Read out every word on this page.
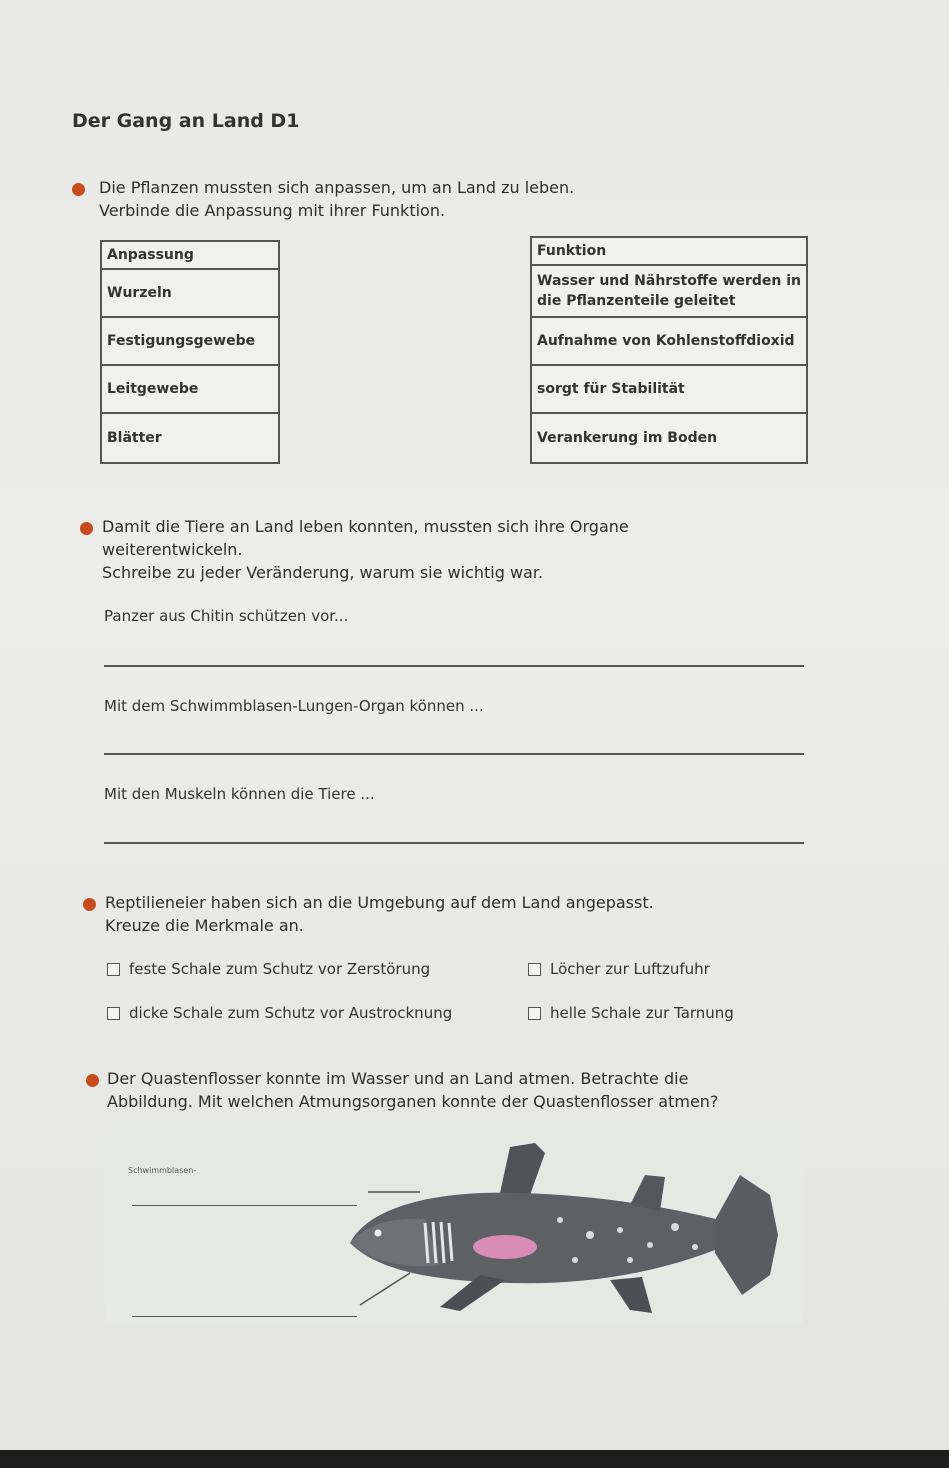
Der Gang an Land D1
Die Pflanzen mussten sich anpassen, um an Land zu leben.
Verbinde die Anpassung mit ihrer Funktion.
Anpassung
Wurzeln
Festigungsgewebe
Leitgewebe
Blätter
Funktion
Wasser und Nährstoffe werden in die Pflanzenteile geleitet
Aufnahme von Kohlenstoffdioxid
sorgt für Stabilität
Verankerung im Boden
Damit die Tiere an Land leben konnten, mussten sich ihre Organe
weiterentwickeln.
Schreibe zu jeder Veränderung, warum sie wichtig war.
Panzer aus Chitin schützen vor...
Mit dem Schwimmblasen-Lungen-Organ können ...
Mit den Muskeln können die Tiere ...
Reptilieneier haben sich an die Umgebung auf dem Land angepasst.
Kreuze die Merkmale an.
feste Schale zum Schutz vor Zerstörung	Löcher zur Luftzufuhr
dicke Schale zum Schutz vor Austrocknung	helle Schale zur Tarnung
Der Quastenflosser konnte im Wasser und an Land atmen. Betrachte die
Abbildung. Mit welchen Atmungsorganen konnte der Quastenflosser atmen?
Schwimmblasen-
